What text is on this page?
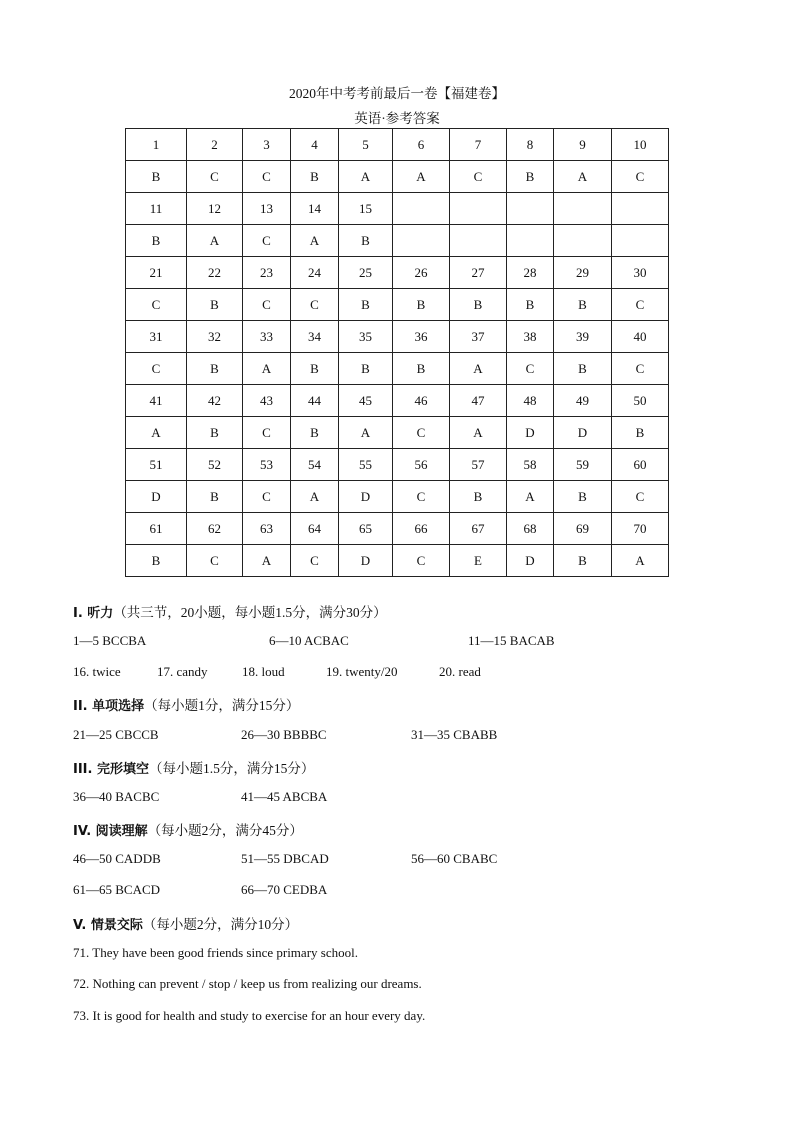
2020年中考考前最后一卷【福建卷】
英语·参考答案
1	2	3	4	5	6	7	8	9	10
B	C	C	B	A	A	C	B	A	C
11	12	13	14	15					
B	A	C	A	B					
21	22	23	24	25	26	27	28	29	30
C	B	C	C	B	B	B	B	B	C
31	32	33	34	35	36	37	38	39	40
C	B	A	B	B	B	A	C	B	C
41	42	43	44	45	46	47	48	49	50
A	B	C	B	A	C	A	D	D	B
51	52	53	54	55	56	57	58	59	60
D	B	C	A	D	C	B	A	B	C
61	62	63	64	65	66	67	68	69	70
B	C	A	C	D	C	E	D	B	A
I. 听力（共三节，20小题，每小题1.5分，满分30分）
1—5 BCCBA	6—10 ACBAC	11—15 BACAB
16. twice	17. candy	18. loud	19. twenty/20	20. read
II. 单项选择（每小题1分，满分15分）
21—25 CBCCB	26—30 BBBBC	31—35 CBABB
III. 完形填空（每小题1.5分，满分15分）
36—40 BACBC	41—45 ABCBA
IV. 阅读理解（每小题2分，满分45分）
46—50 CADDB	51—55 DBCAD	56—60 CBABC
61—65 BCACD	66—70 CEDBA
V. 情景交际（每小题2分，满分10分）
71. They have been good friends since primary school.
72. Nothing can prevent / stop / keep us from realizing our dreams.
73. It is good for health and study to exercise for an hour every day.
